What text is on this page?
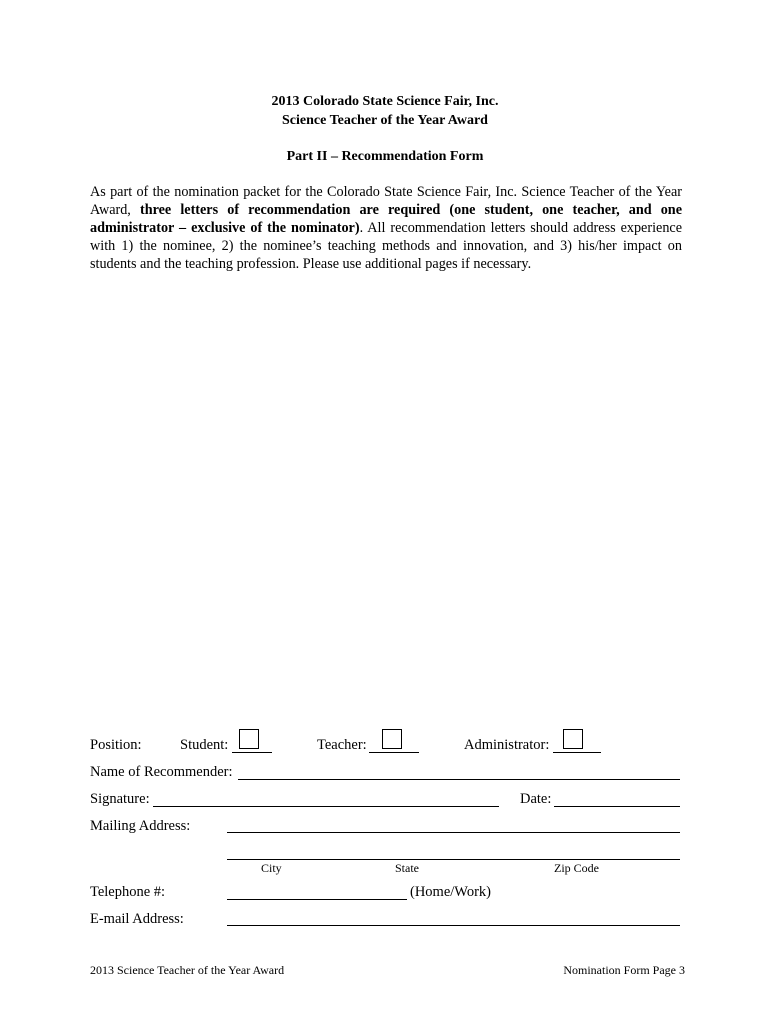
2013 Colorado State Science Fair, Inc.
Science Teacher of the Year Award
Part II – Recommendation Form
As part of the nomination packet for the Colorado State Science Fair, Inc. Science Teacher of the Year Award, three letters of recommendation are required (one student, one teacher, and one administrator – exclusive of the nominator). All recommendation letters should address experience with 1) the nominee, 2) the nominee’s teaching methods and innovation, and 3) his/her impact on students and the teaching profession. Please use additional pages if necessary.
Position:	Student:	Teacher:	Administrator:
Name of Recommender:
Signature:	Date:
Mailing Address:
City	State	Zip Code
Telephone #:	(Home/Work)
E-mail Address:
2013 Science Teacher of the Year Award	Nomination Form Page 3
